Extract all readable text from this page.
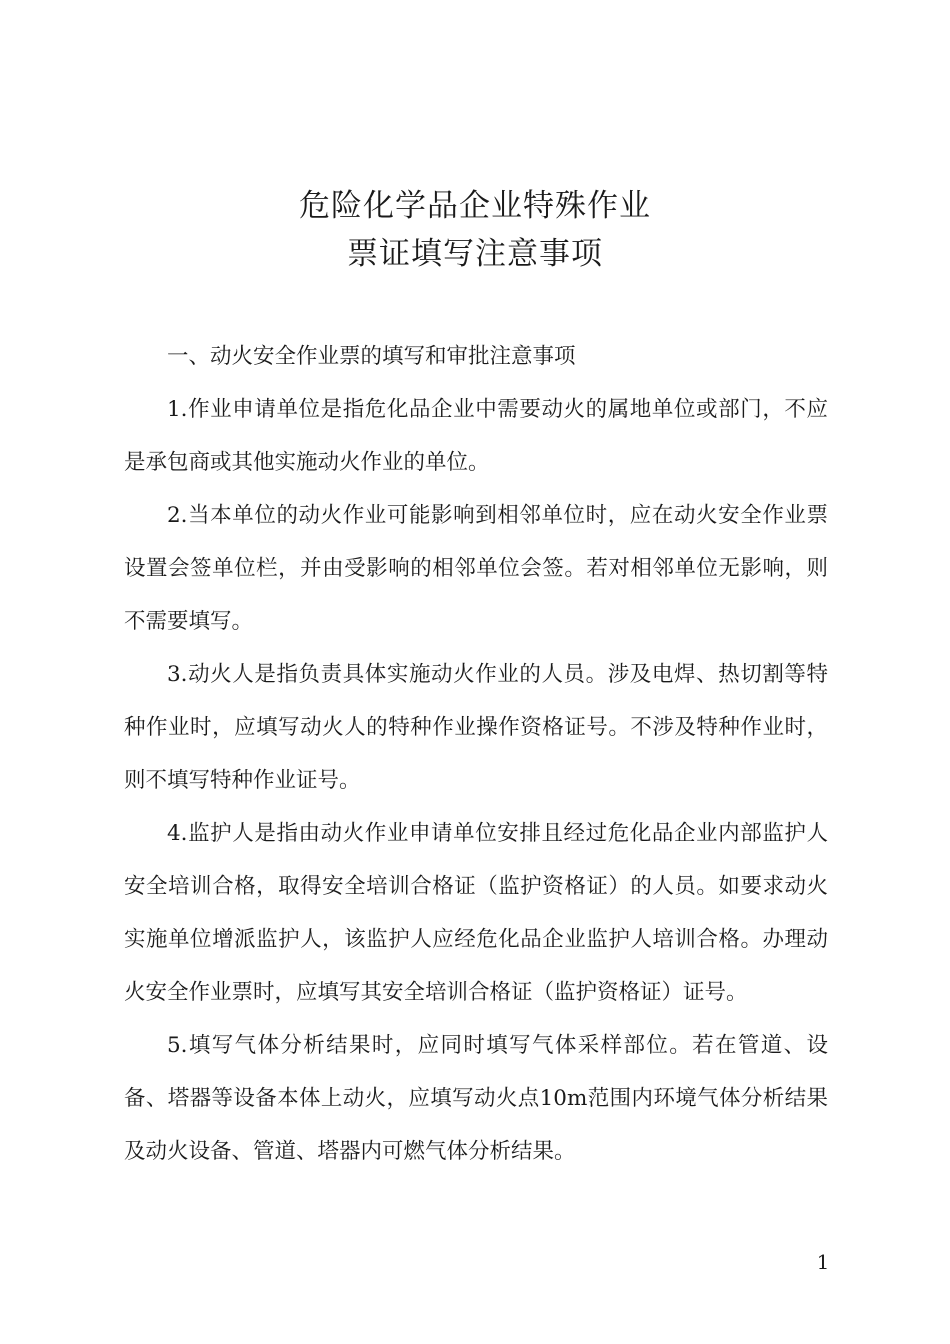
危险化学品企业特殊作业
票证填写注意事项

一、动火安全作业票的填写和审批注意事项

1.作业申请单位是指危化品企业中需要动火的属地单位或部门，不应是承包商或其他实施动火作业的单位。

2.当本单位的动火作业可能影响到相邻单位时，应在动火安全作业票设置会签单位栏，并由受影响的相邻单位会签。若对相邻单位无影响，则不需要填写。

3.动火人是指负责具体实施动火作业的人员。涉及电焊、热切割等特种作业时，应填写动火人的特种作业操作资格证号。不涉及特种作业时，则不填写特种作业证号。

4.监护人是指由动火作业申请单位安排且经过危化品企业内部监护人安全培训合格，取得安全培训合格证（监护资格证）的人员。如要求动火实施单位增派监护人，该监护人应经危化品企业监护人培训合格。办理动火安全作业票时，应填写其安全培训合格证（监护资格证）证号。

5.填写气体分析结果时，应同时填写气体采样部位。若在管道、设备、塔器等设备本体上动火，应填写动火点10m范围内环境气体分析结果及动火设备、管道、塔器内可燃气体分析结果。

1
